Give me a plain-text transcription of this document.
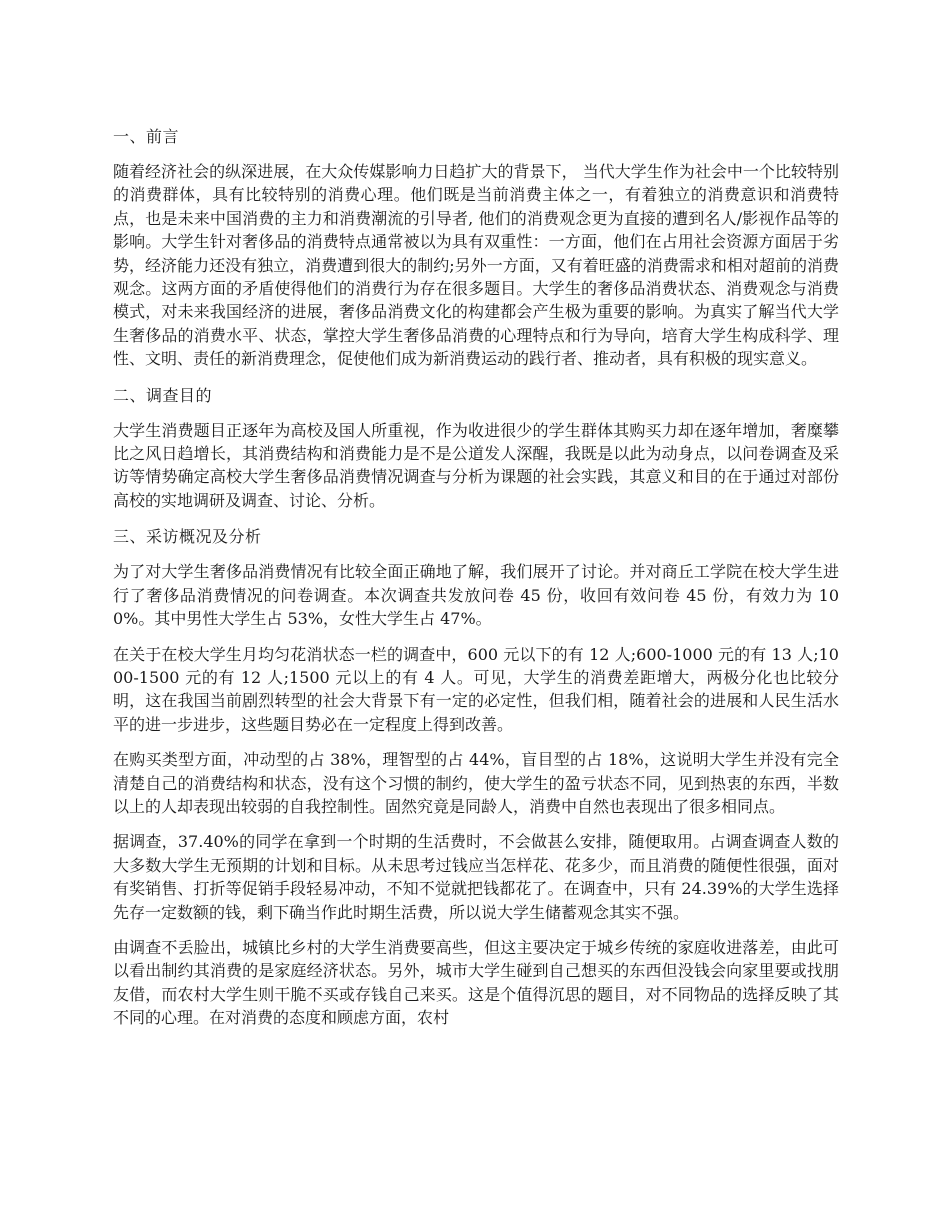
一、前言

随着经济社会的纵深进展，在大众传媒影响力日趋扩大的背景下， 当代大学生作为社会中一个比较特别的消费群体，具有比较特别的消费心理。他们既是当前消费主体之一，有着独立的消费意识和消费特点，也是未来中国消费的主力和消费潮流的引导者, 他们的消费观念更为直接的遭到名人/影视作品等的影响。大学生针对奢侈品的消费特点通常被以为具有双重性：一方面，他们在占用社会资源方面居于劣势，经济能力还没有独立，消费遭到很大的制约;另外一方面，又有着旺盛的消费需求和相对超前的消费观念。这两方面的矛盾使得他们的消费行为存在很多题目。大学生的奢侈品消费状态、消费观念与消费模式，对未来我国经济的进展，奢侈品消费文化的构建都会产生极为重要的影响。为真实了解当代大学生奢侈品的消费水平、状态，掌控大学生奢侈品消费的心理特点和行为导向，培育大学生构成科学、理性、文明、责任的新消费理念，促使他们成为新消费运动的践行者、推动者，具有积极的现实意义。

二、调查目的

大学生消费题目正逐年为高校及国人所重视，作为收进很少的学生群体其购买力却在逐年增加，奢糜攀比之风日趋增长，其消费结构和消费能力是不是公道发人深醒，我既是以此为动身点，以问卷调查及采访等情势确定高校大学生奢侈品消费情况调查与分析为课题的社会实践，其意义和目的在于通过对部份高校的实地调研及调查、讨论、分析。

三、采访概况及分析

为了对大学生奢侈品消费情况有比较全面正确地了解，我们展开了讨论。并对商丘工学院在校大学生进行了奢侈品消费情况的问卷调查。本次调查共发放问卷 45 份，收回有效问卷 45 份，有效力为 100%。其中男性大学生占 53%，女性大学生占 47%。

在关于在校大学生月均匀花消状态一栏的调查中，600 元以下的有 12 人;600-1000 元的有 13 人;1000-1500 元的有 12 人;1500 元以上的有 4 人。可见，大学生的消费差距增大，两极分化也比较分明，这在我国当前剧烈转型的社会大背景下有一定的必定性，但我们相，随着社会的进展和人民生活水平的进一步进步，这些题目势必在一定程度上得到改善。

在购买类型方面，冲动型的占 38%，理智型的占 44%，盲目型的占 18%，这说明大学生并没有完全清楚自己的消费结构和状态，没有这个习惯的制约，使大学生的盈亏状态不同，见到热衷的东西，半数以上的人却表现出较弱的自我控制性。固然究竟是同龄人，消费中自然也表现出了很多相同点。

据调查，37.40%的同学在拿到一个时期的生活费时，不会做甚么安排，随便取用。占调查调查人数的大多数大学生无预期的计划和目标。从未思考过钱应当怎样花、花多少，而且消费的随便性很强，面对有奖销售、打折等促销手段轻易冲动，不知不觉就把钱都花了。在调查中，只有 24.39%的大学生选择先存一定数额的钱，剩下确当作此时期生活费，所以说大学生储蓄观念其实不强。

由调查不丢脸出，城镇比乡村的大学生消费要高些，但这主要决定于城乡传统的家庭收进落差，由此可以看出制约其消费的是家庭经济状态。另外，城市大学生碰到自己想买的东西但没钱会向家里要或找朋友借，而农村大学生则干脆不买或存钱自己来买。这是个值得沉思的题目，对不同物品的选择反映了其不同的心理。在对消费的态度和顾虑方面，农村
